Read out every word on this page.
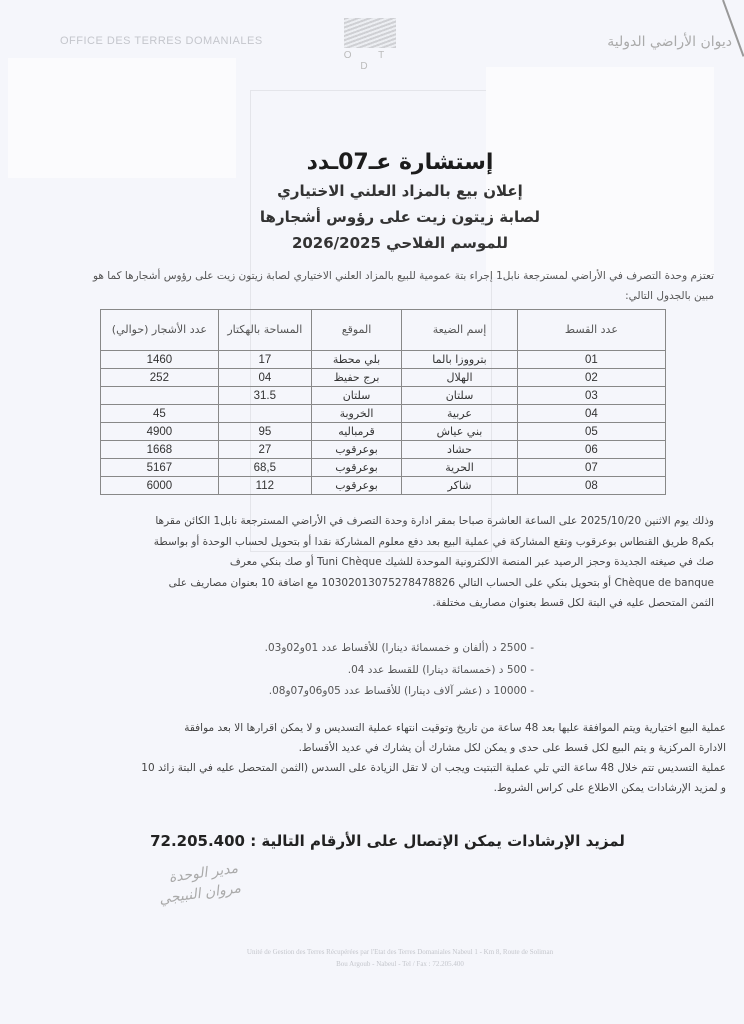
OFFICE DES TERRES DOMANIALES
O T D
ديوان الأراضي الدولية
إستشارة عـ07ـدد
إعلان بيع بالمزاد العلني الاختياري
لصابة زيتون زيت على رؤوس أشجارها
للموسم الفلاحي 2026/2025
تعتزم وحدة التصرف في الأراضي لمسترجعة نابل1 إجراء بتة عمومية للبيع بالمزاد العلني الاختياري لصابة زيتون زيت على رؤوس أشجارها كما هو مبين بالجدول التالي:
عدد القسط	إسم الضيعة	الموقع	المساحة بالهكتار	عدد الأشجار (حوالي)
01	بترووزا بالما	بلي محطة	17	1460
02	الهلال	برج حفيظ	04	252
03	سلتان	سلتان	31.5	
04	عربية	الخروبة		45
05	بني عياش	قرمباليه	95	4900
06	حشاد	بوعرقوب	27	1668
07	الحرية	بوعرقوب	68,5	5167
08	شاكر	بوعرقوب	112	6000
وذلك يوم الاثنين 2025/10/20 على الساعة العاشرة صباحا بمقر ادارة وحدة التصرف في الأراضي المسترجعة نابل1 الكائن مقرها
بكم8 طريق القنطاس بوعرقوب وتقع المشاركة في عملية البيع بعد دفع معلوم المشاركة نقدا أو بتحويل لحساب الوحدة أو بواسطة
صك في صيغته الجديدة وحجز الرصيد عبر المنصة الالكترونية الموحدة للشيك Tuni Chèque أو صك بنكي معرف
Chèque de banque أو بتحويل بنكي على الحساب التالي 10302013075278478826 مع اضافة 10 بعنوان مصاريف على
الثمن المتحصل عليه في البتة لكل قسط بعنوان مصاريف مختلفة.
- 2500 د (ألفان و خمسمائة دينارا) للأقساط عدد 01و02و03.
- 500 د (خمسمائة دينارا) للقسط عدد 04.
- 10000 د (عشر آلاف دينارا) للأقساط عدد 05و06و07و08.
عملية البيع اختيارية ويتم الموافقة عليها بعد 48 ساعة من تاريخ وتوقيت انتهاء عملية التسديس و لا يمكن اقرارها الا بعد موافقة
الادارة المركزية و يتم البيع لكل قسط على حدى و يمكن لكل مشارك أن يشارك في عديد الأقساط.
عملية التسديس تتم خلال 48 ساعة التي تلي عملية التبتيت ويجب ان لا تقل الزيادة على السدس (الثمن المتحصل عليه في البتة زائد 10
و لمزيد الإرشادات يمكن الاطلاع على كراس الشروط.
لمزيد الإرشادات يمكن الإتصال على الأرقام التالية : 72.205.400
مدير الوحدة
مروان النبيجي
Unité de Gestion des Terres Récupérées par l'Etat des Terres Domaniales Nabeul 1 - Km 8, Route de Soliman
Bou Argoub - Nabeul - Tel / Fax : 72.205.400
